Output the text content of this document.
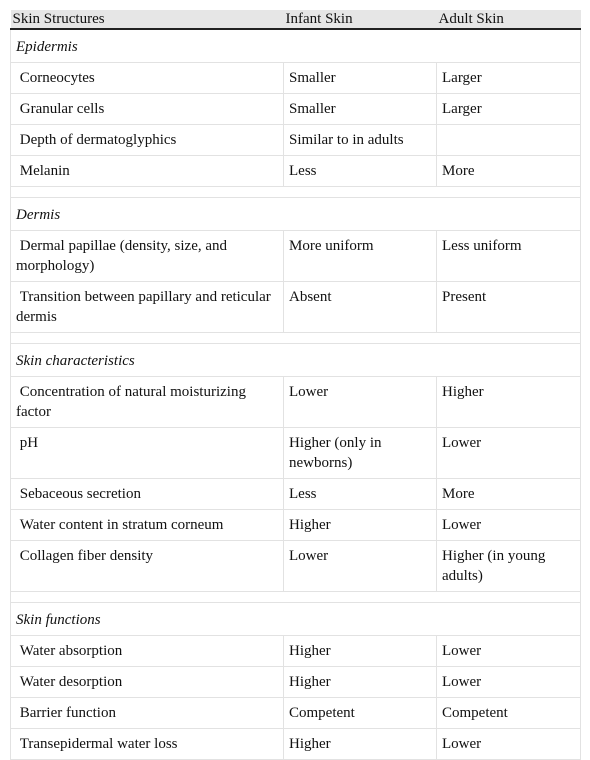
Skin Structures	Infant Skin	Adult Skin
Epidermis		
Corneocytes	Smaller	Larger
Granular cells	Smaller	Larger
Depth of dermatoglyphics	Similar to in adults	
Melanin	Less	More

Dermis		
Dermal papillae (density, size, and morphology)	More uniform	Less uniform
Transition between papillary and reticular dermis	Absent	Present

Skin characteristics		
Concentration of natural moisturizing factor	Lower	Higher
pH	Higher (only in newborns)	Lower
Sebaceous secretion	Less	More
Water content in stratum corneum	Higher	Lower
Collagen fiber density	Lower	Higher (in young adults)

Skin functions		
Water absorption	Higher	Lower
Water desorption	Higher	Lower
Barrier function	Competent	Competent
Transepidermal water loss	Higher	Lower
